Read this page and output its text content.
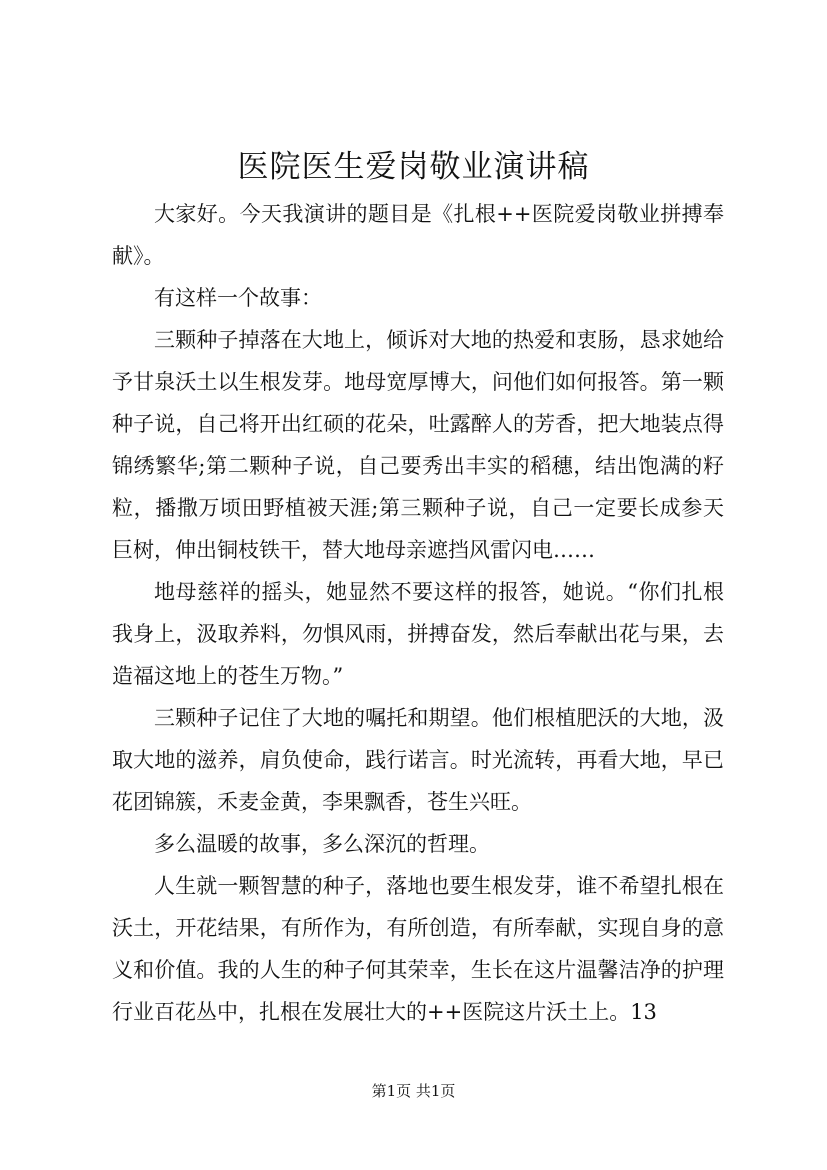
医院医生爱岗敬业演讲稿

大家好。今天我演讲的题目是《扎根++医院爱岗敬业拼搏奉献》。

有这样一个故事：

三颗种子掉落在大地上，倾诉对大地的热爱和衷肠，恳求她给予甘泉沃土以生根发芽。地母宽厚博大，问他们如何报答。第一颗种子说，自己将开出红硕的花朵，吐露醉人的芳香，把大地装点得锦绣繁华;第二颗种子说，自己要秀出丰实的稻穗，结出饱满的籽粒，播撒万顷田野植被天涯;第三颗种子说，自己一定要长成参天巨树，伸出铜枝铁干，替大地母亲遮挡风雷闪电……

地母慈祥的摇头，她显然不要这样的报答，她说。“你们扎根我身上，汲取养料，勿惧风雨，拼搏奋发，然后奉献出花与果，去造福这地上的苍生万物。”

三颗种子记住了大地的嘱托和期望。他们根植肥沃的大地，汲取大地的滋养，肩负使命，践行诺言。时光流转，再看大地，早已花团锦簇，禾麦金黄，李果飘香，苍生兴旺。

多么温暖的故事，多么深沉的哲理。

人生就一颗智慧的种子，落地也要生根发芽，谁不希望扎根在沃土，开花结果，有所作为，有所创造，有所奉献，实现自身的意义和价值。我的人生的种子何其荣幸，生长在这片温馨洁净的护理行业百花丛中，扎根在发展壮大的++医院这片沃土上。13

第1页 共1页
